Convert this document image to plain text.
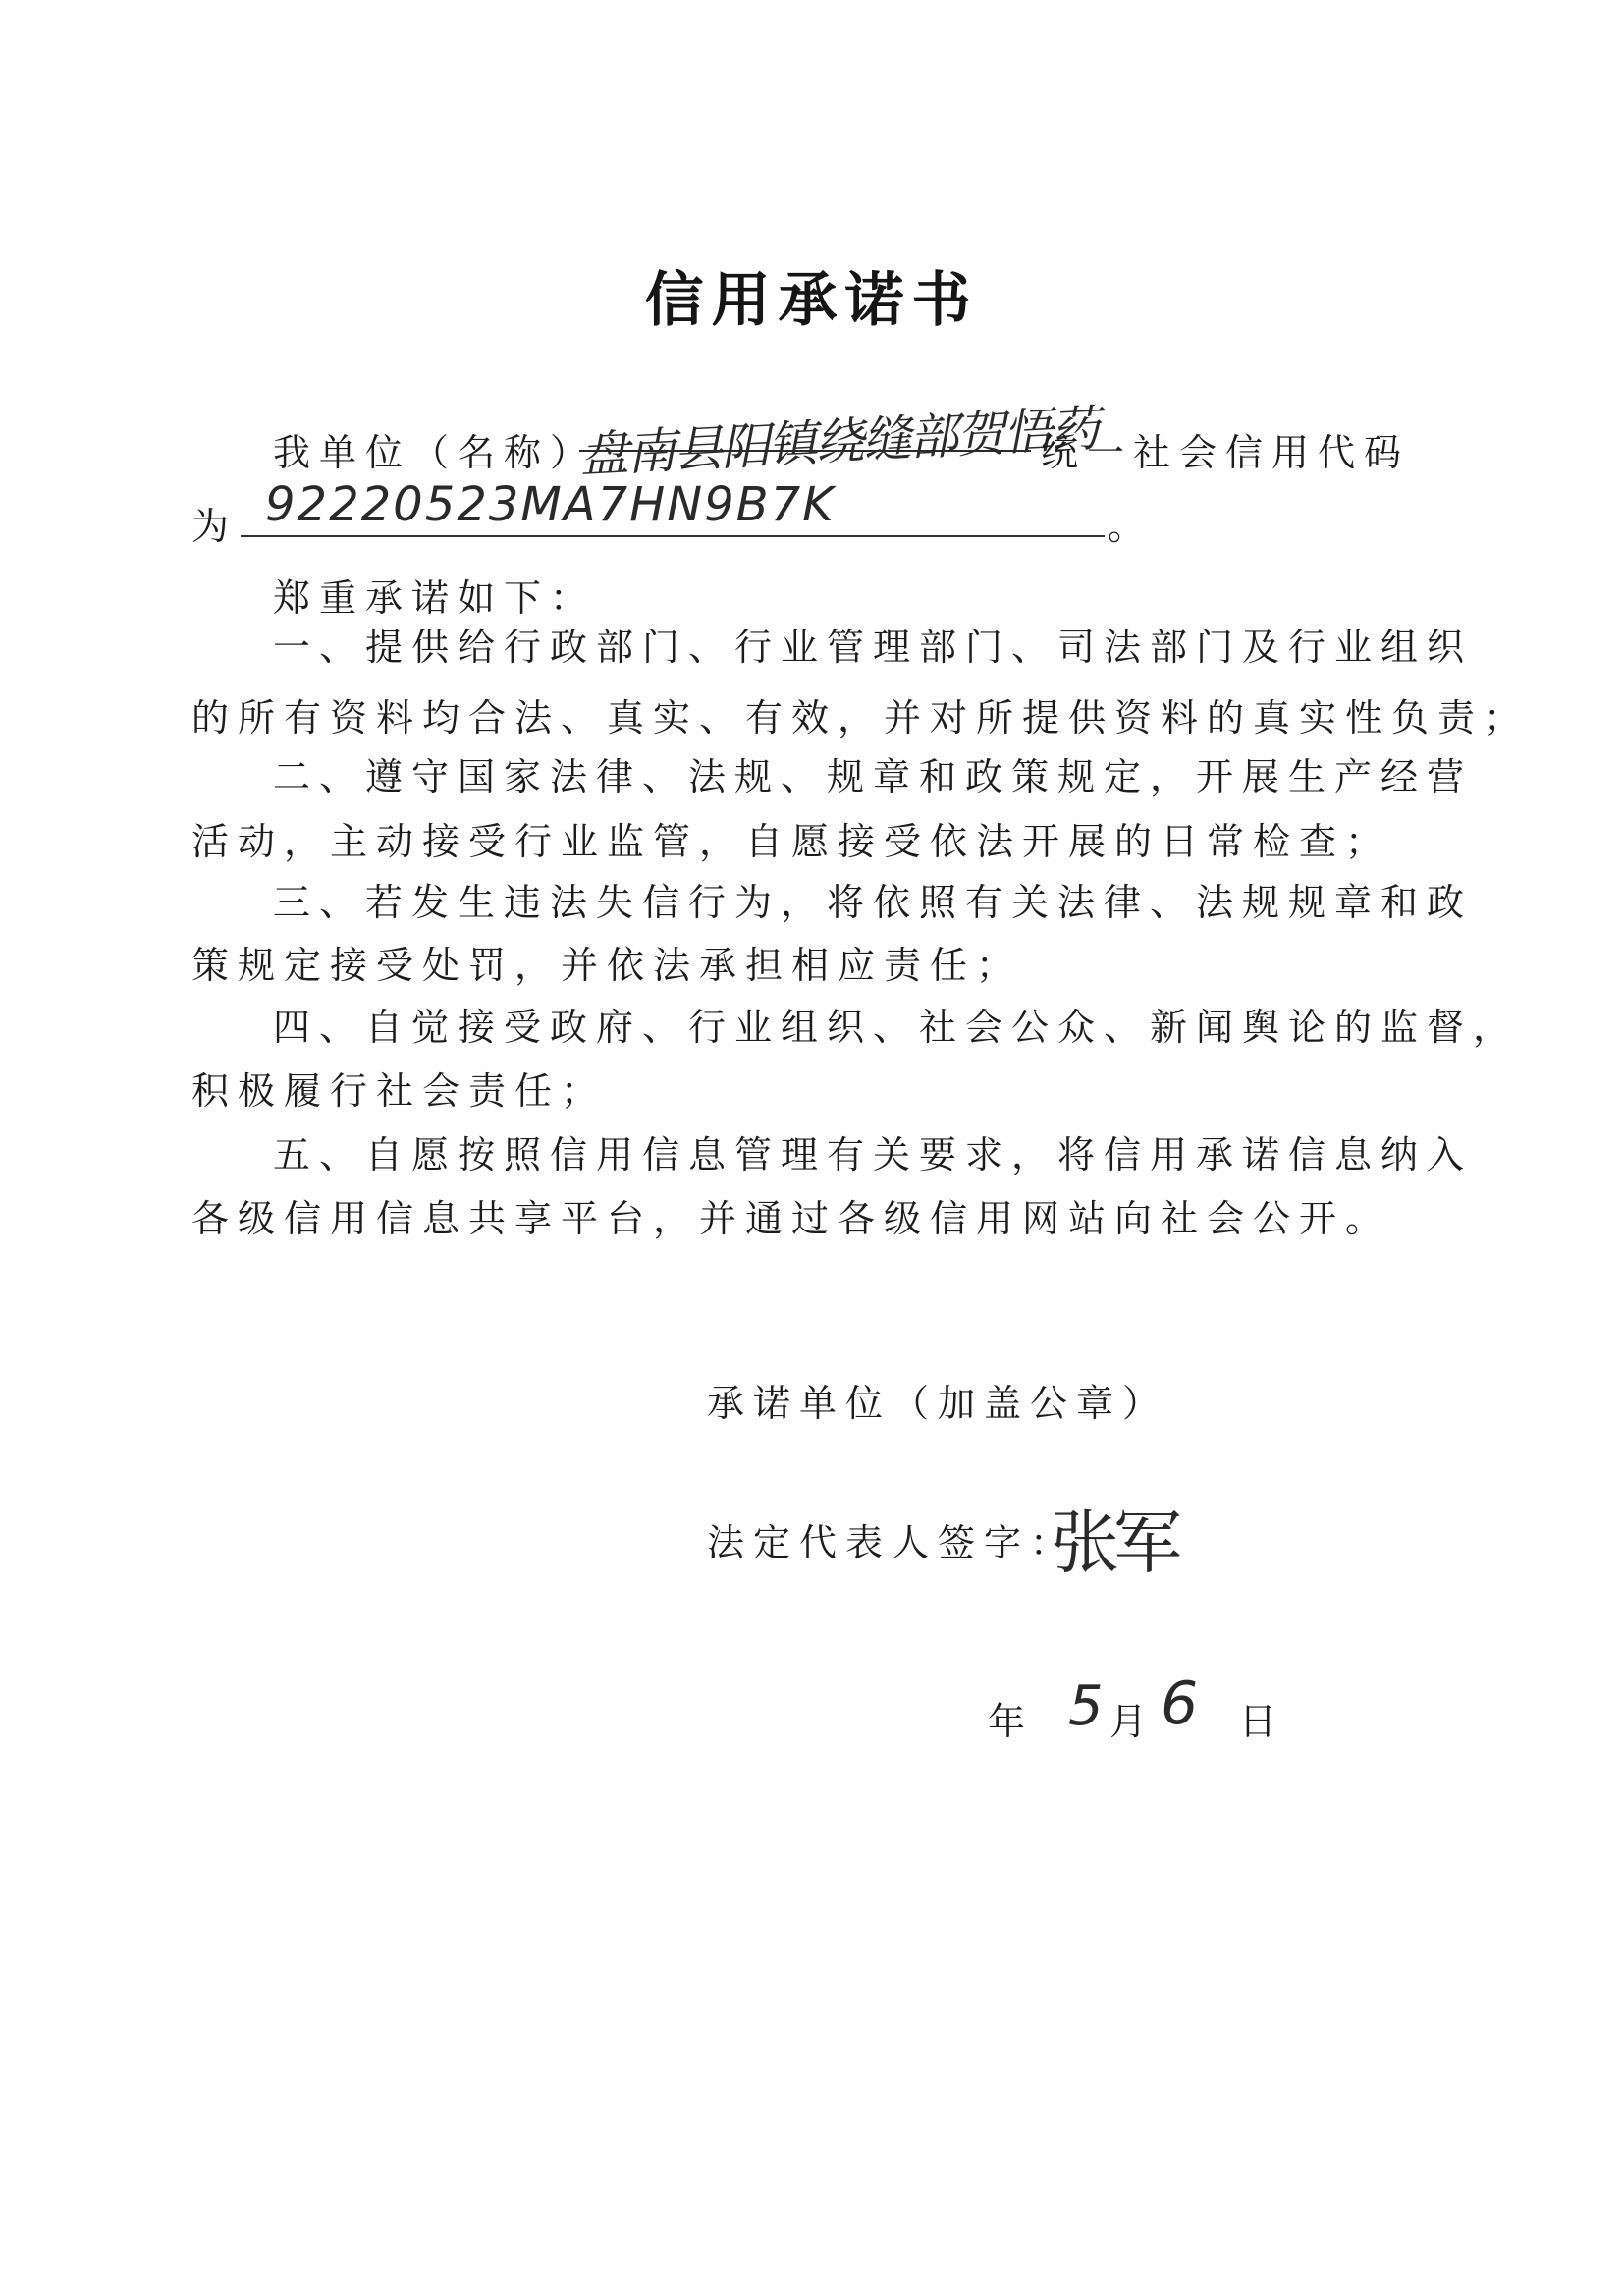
信用承诺书
我单位（名称）
盘南县阳镇绕缝部贺悟药
统一社会信用代码
为 92220523MA7HN9B7K	。
郑重承诺如下：
一、提供给行政部门、行业管理部门、司法部门及行业组织
的所有资料均合法、真实、有效，并对所提供资料的真实性负责；
二、遵守国家法律、法规、规章和政策规定，开展生产经营
活动，主动接受行业监管，自愿接受依法开展的日常检查；
三、若发生违法失信行为，将依照有关法律、法规规章和政
策规定接受处罚，并依法承担相应责任；
四、自觉接受政府、行业组织、社会公众、新闻舆论的监督，
积极履行社会责任；
五、自愿按照信用信息管理有关要求，将信用承诺信息纳入
各级信用信息共享平台，并通过各级信用网站向社会公开。
承诺单位（加盖公章）
法定代表人签字：
张军
年 5 月 6 日
